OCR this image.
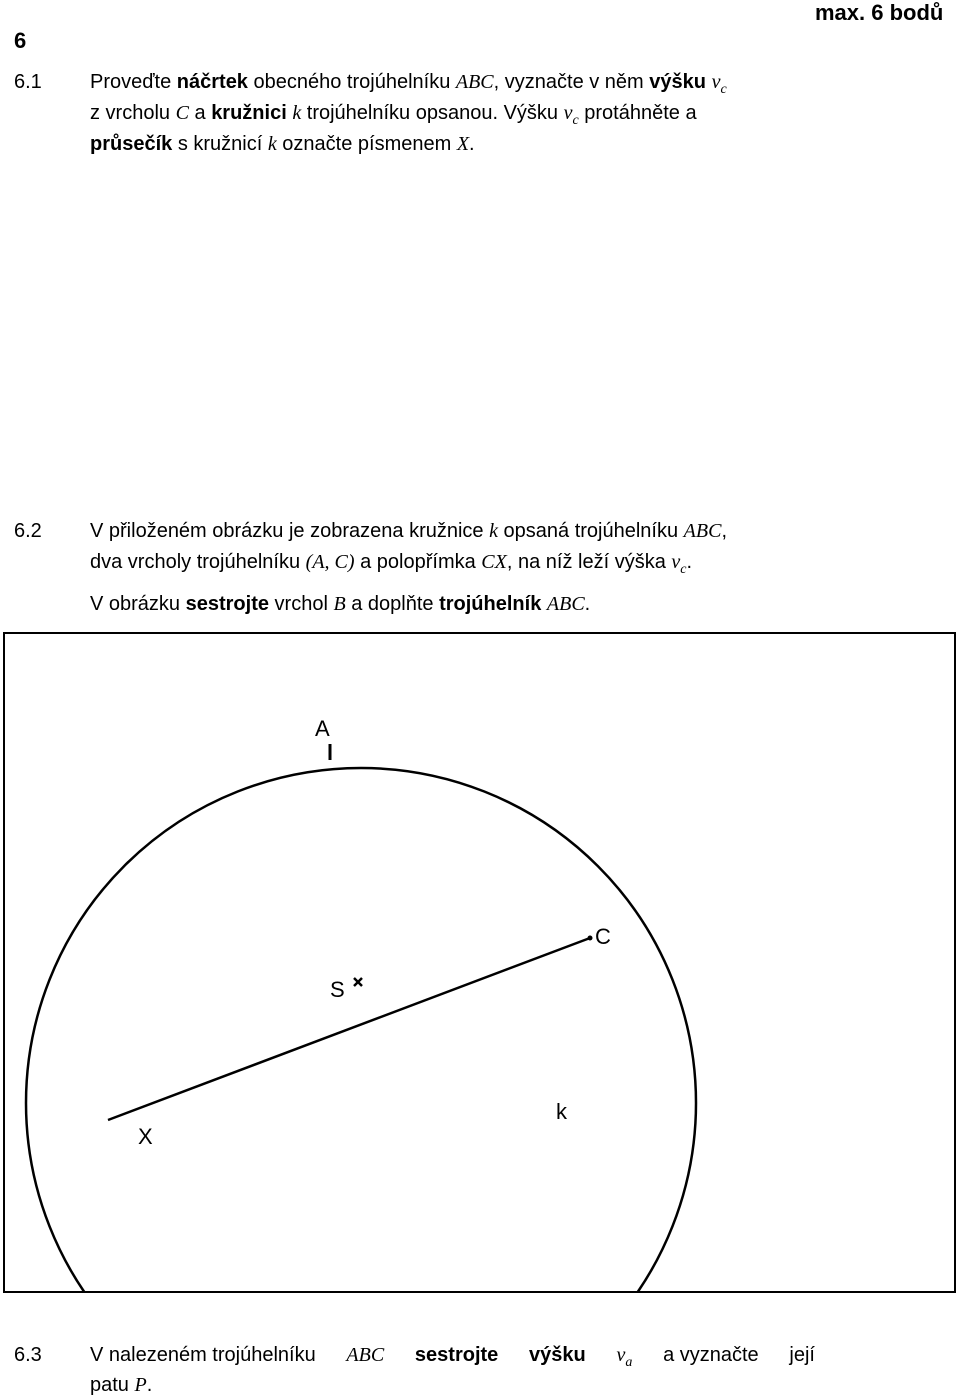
6
max. 6 bodů
6.1 Proveďte náčrtek obecného trojúhelníku ABC, vyznačte v něm výšku $v_c$
z vrcholu C a kružnici k trojúhelníku opsanou. Výšku $v_c$ protáhněte a
průsečík s kružnicí k označte písmenem X.
6.2 V přiloženém obrázku je zobrazena kružnice k opsaná trojúhelníku ABC,
dva vrcholy trojúhelníku (A, C) a polopřímka CX, na níž leží výška $v_c$.
V obrázku sestrojte vrchol B a doplňte trojúhelník ABC.
A
C
S
X
k
6.3 V nalezeném trojúhelníku ABC sestrojte výšku $v_a$ a vyznačte její
patu P.
